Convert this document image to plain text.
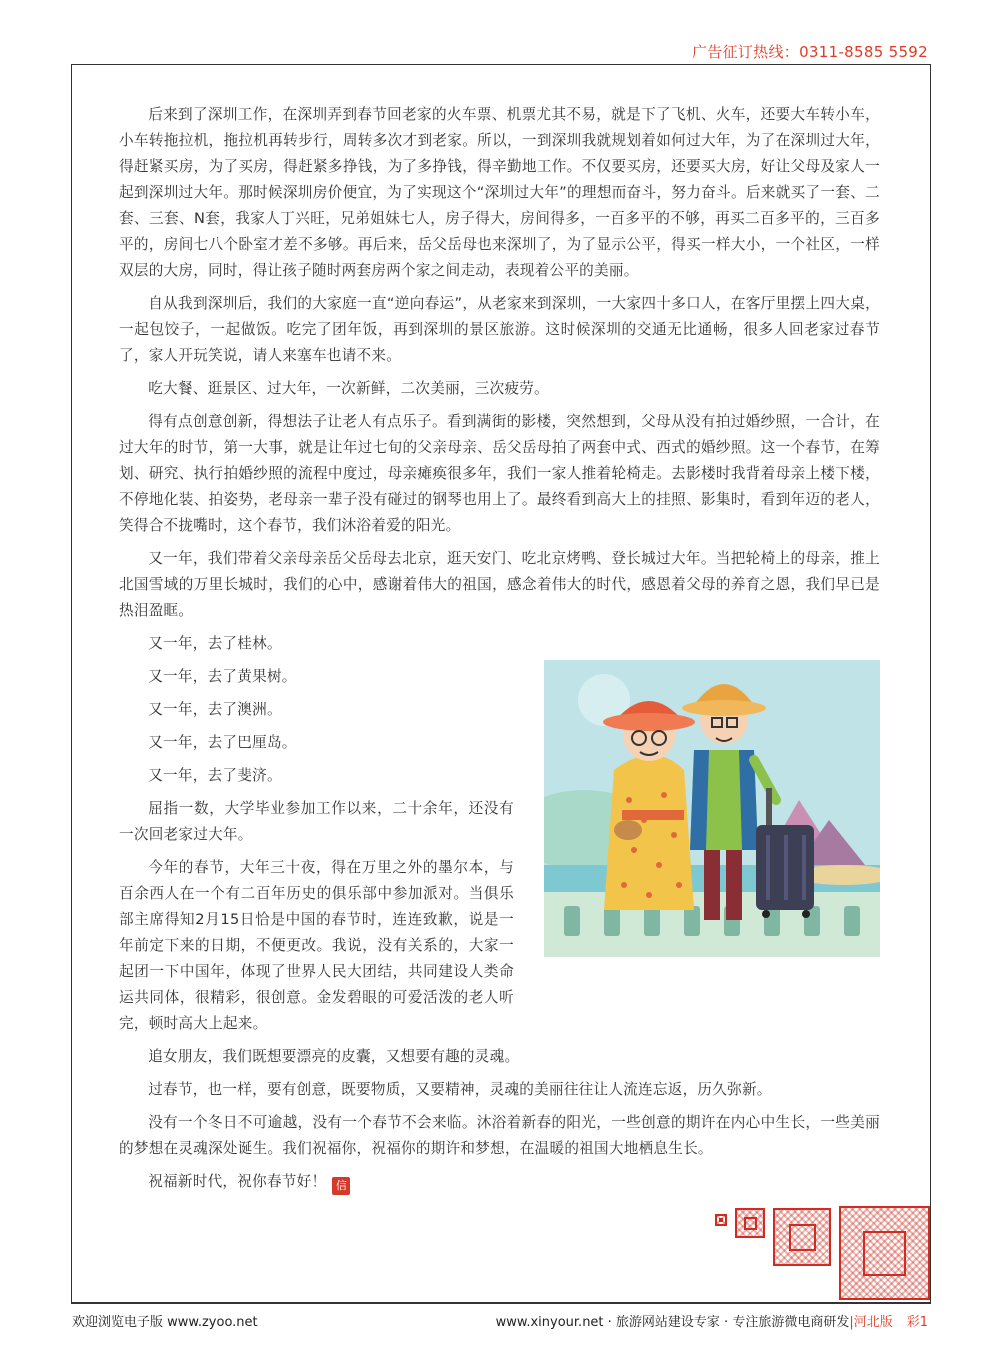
广告征订热线：0311-8585 5592

后来到了深圳工作，在深圳弄到春节回老家的火车票、机票尤其不易，就是下了飞机、火车，还要大车转小车，小车转拖拉机，拖拉机再转步行，周转多次才到老家。所以，一到深圳我就规划着如何过大年，为了在深圳过大年，得赶紧买房，为了买房，得赶紧多挣钱，为了多挣钱，得辛勤地工作。不仅要买房，还要买大房，好让父母及家人一起到深圳过大年。那时候深圳房价便宜，为了实现这个“深圳过大年”的理想而奋斗，努力奋斗。后来就买了一套、二套、三套、N套，我家人丁兴旺，兄弟姐妹七人，房子得大，房间得多，一百多平的不够，再买二百多平的，三百多平的，房间七八个卧室才差不多够。再后来，岳父岳母也来深圳了，为了显示公平，得买一样大小，一个社区，一样双层的大房，同时，得让孩子随时两套房两个家之间走动，表现着公平的美丽。

自从我到深圳后，我们的大家庭一直“逆向春运”，从老家来到深圳，一大家四十多口人，在客厅里摆上四大桌，一起包饺子，一起做饭。吃完了团年饭，再到深圳的景区旅游。这时候深圳的交通无比通畅，很多人回老家过春节了，家人开玩笑说，请人来塞车也请不来。

吃大餐、逛景区、过大年，一次新鲜，二次美丽，三次疲劳。

得有点创意创新，得想法子让老人有点乐子。看到满街的影楼，突然想到，父母从没有拍过婚纱照，一合计，在过大年的时节，第一大事，就是让年过七旬的父亲母亲、岳父岳母拍了两套中式、西式的婚纱照。这一个春节，在筹划、研究、执行拍婚纱照的流程中度过，母亲瘫痪很多年，我们一家人推着轮椅走。去影楼时我背着母亲上楼下楼，不停地化装、拍姿势，老母亲一辈子没有碰过的钢琴也用上了。最终看到高大上的挂照、影集时，看到年迈的老人，笑得合不拢嘴时，这个春节，我们沐浴着爱的阳光。

又一年，我们带着父亲母亲岳父岳母去北京，逛天安门、吃北京烤鸭、登长城过大年。当把轮椅上的母亲，推上北国雪域的万里长城时，我们的心中，感谢着伟大的祖国，感念着伟大的时代，感恩着父母的养育之恩，我们早已是热泪盈眶。

又一年，去了桂林。

又一年，去了黄果树。

又一年，去了澳洲。

又一年，去了巴厘岛。

又一年，去了斐济。

屈指一数，大学毕业参加工作以来，二十余年，还没有一次回老家过大年。

今年的春节，大年三十夜，得在万里之外的墨尔本，与百余西人在一个有二百年历史的俱乐部中参加派对。当俱乐部主席得知2月15日恰是中国的春节时，连连致歉，说是一年前定下来的日期，不便更改。我说，没有关系的，大家一起团一下中国年，体现了世界人民大团结，共同建设人类命运共同体，很精彩，很创意。金发碧眼的可爱活泼的老人听完，顿时高大上起来。

追女朋友，我们既想要漂亮的皮囊，又想要有趣的灵魂。

过春节，也一样，要有创意，既要物质，又要精神，灵魂的美丽往往让人流连忘返，历久弥新。

没有一个冬日不可逾越，没有一个春节不会来临。沐浴着新春的阳光，一些创意的期许在内心中生长，一些美丽的梦想在灵魂深处诞生。我们祝福你，祝福你的期许和梦想，在温暖的祖国大地栖息生长。

祝福新时代，祝你春节好！ 信

欢迎浏览电子版 www.zyoo.net	www.xinyour.net · 旅游网站建设专家 · 专注旅游微电商研发|河北版 彩1
